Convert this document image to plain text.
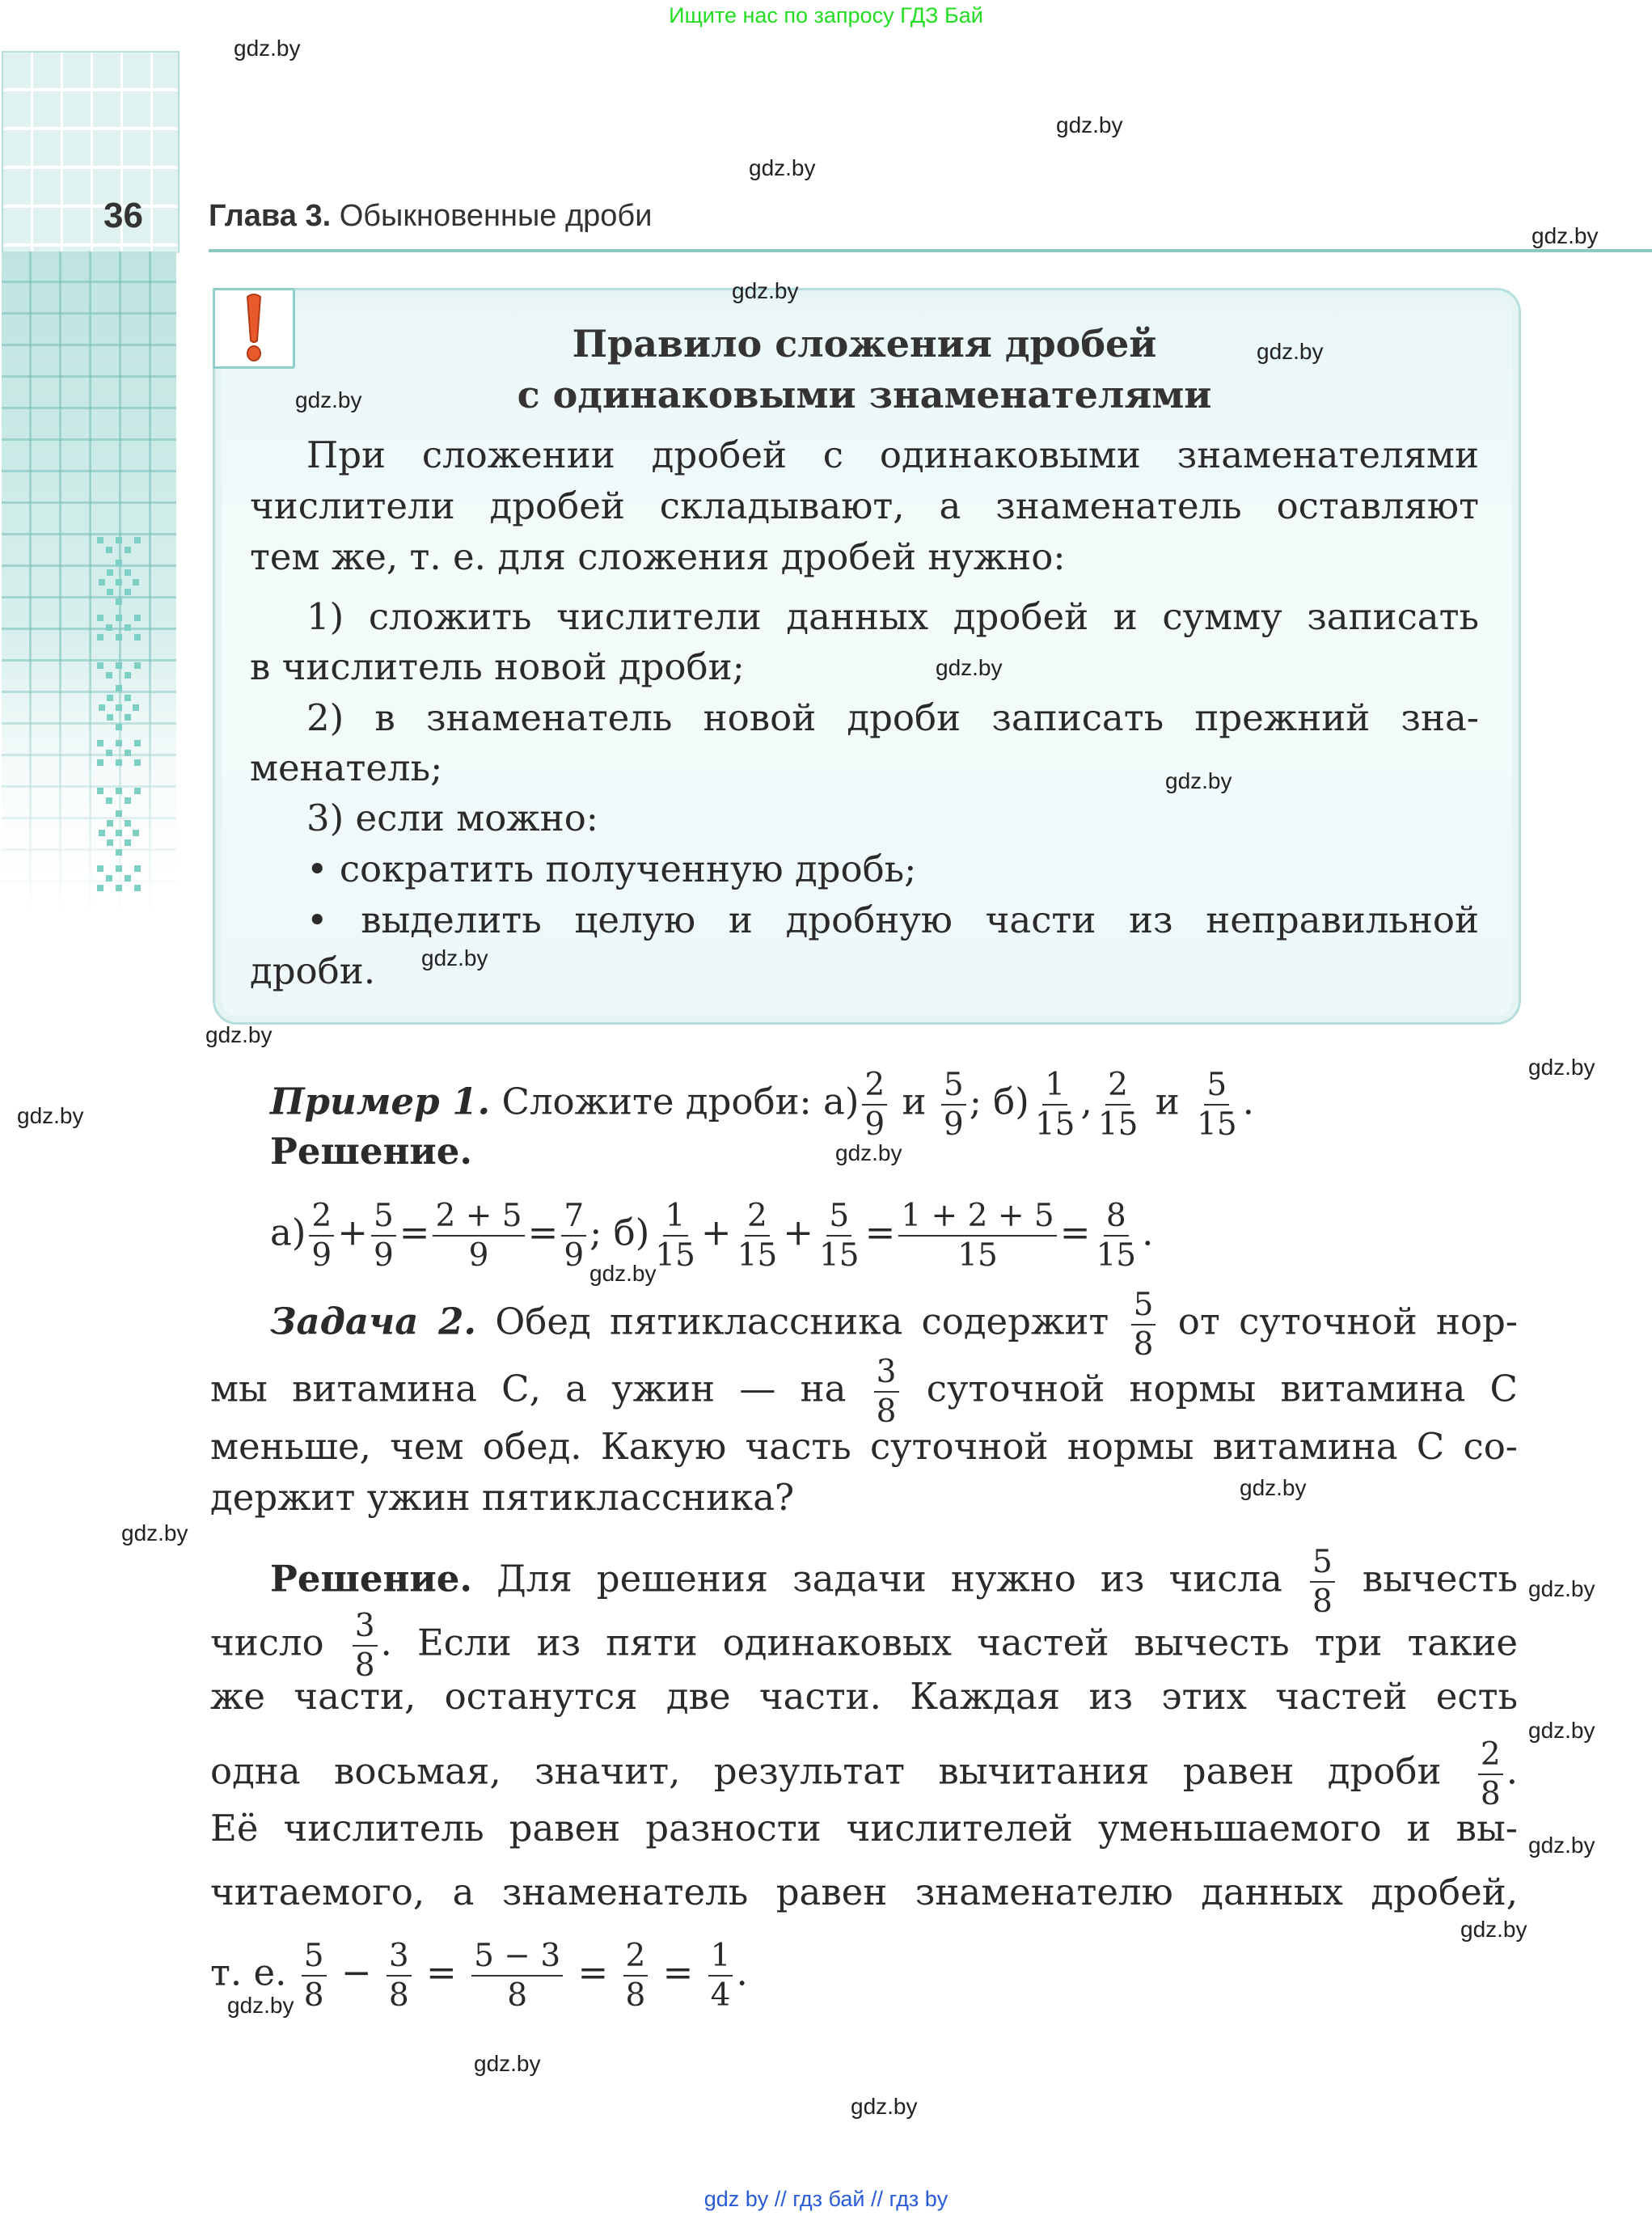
Ищите нас по запросу ГДЗ Бай
36 Глава 3. Обыкновенные дроби
Правило сложения дробей
с одинаковыми знаменателями
При сложении дробей с одинаковыми знаменателями
числители дробей складывают, а знаменатель оставляют
тем же, т. е. для сложения дробей нужно:
1) сложить числители данных дробей и сумму записать
в числитель новой дроби;
2) в знаменатель новой дроби записать прежний зна-
менатель;
3) если можно:
• сократить полученную дробь;
• выделить целую и дробную части из неправильной
дроби.
Пример 1. Сложите дроби: $а) \frac{2}{9}$ и $\frac{5}{9}$ ; $б) \frac{1}{15}$ , $\frac{2}{15}$ и $\frac{5}{15}$ .
Решение.
$а) \frac{2}{9} + \frac{5}{9} = \frac{2 + 5}{9} = \frac{7}{9}$ ; $б) \frac{1}{15} + \frac{2}{15} + \frac{5}{15} = \frac{1 + 2 + 5}{15} = \frac{8}{15}$ .
Задача 2. Обед пятиклассника содержит $\frac{5}{8}$ от суточной нор-
мы витамина С, а ужин — на $\frac{3}{8}$ суточной нормы витамина С
меньше, чем обед. Какую часть суточной нормы витамина С со-
держит ужин пятиклассника?
Решение. Для решения задачи нужно из числа $\frac{5}{8}$ вычесть
число $\frac{3}{8}$ . Если из пяти одинаковых частей вычесть три такие
же части, останутся две части. Каждая из этих частей есть
одна восьмая, значит, результат вычитания равен дроби $\frac{2}{8}$ .
Её числитель равен разности числителей уменьшаемого и вы-
читаемого, а знаменатель равен знаменателю данных дробей,
т. е. $\frac{5}{8} - \frac{3}{8} = \frac{5 - 3}{8} = \frac{2}{8} = \frac{1}{4}$ .
gdz.by
gdz.by
gdz.by
gdz.by
gdz.by
gdz.by
gdz.by
gdz.by
gdz.by
gdz.by
gdz.by
gdz.by
gdz.by
gdz.by
gdz.by
gdz.by
gdz.by
gdz.by
gdz.by
gdz.by
gdz.by
gdz.by
gdz.by
gdz.by
gdz by // гдз бай // гдз by
